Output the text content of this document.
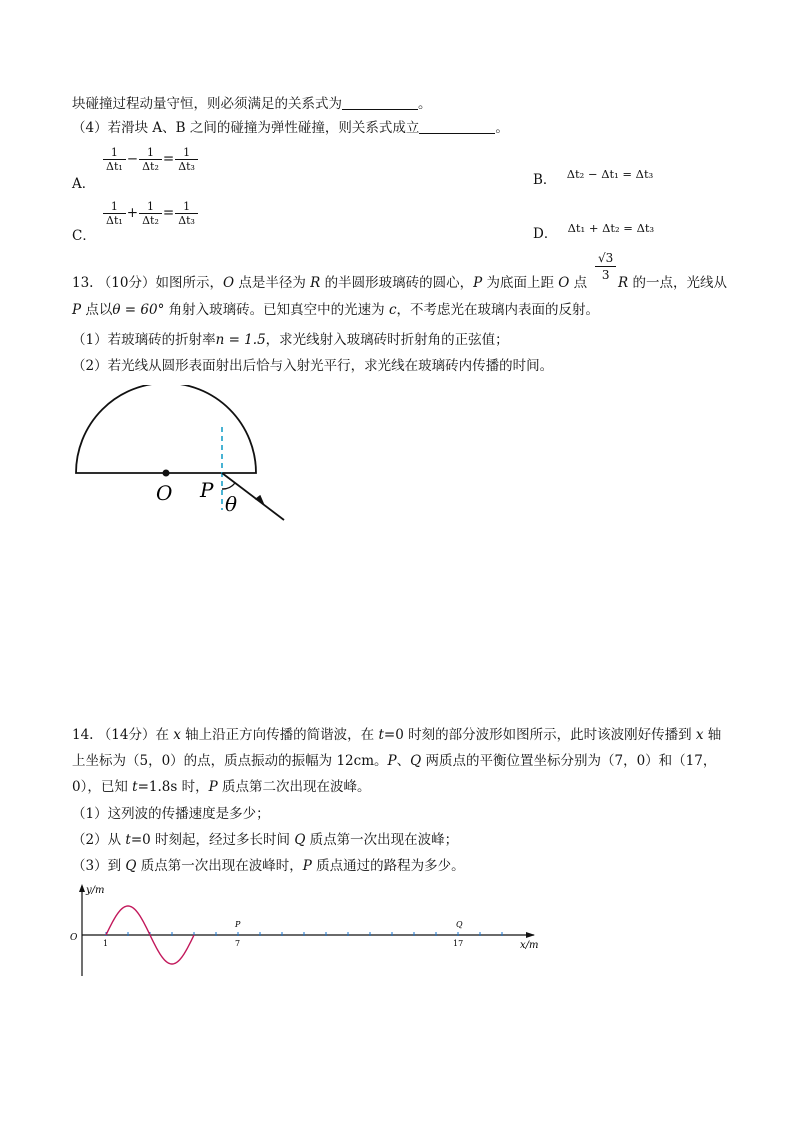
块碰撞过程动量守恒，则必须满足的关系式为	。
（4）若滑块 A、B 之间的碰撞为弹性碰撞，则关系式成立	。
A．
$\frac{1}{\text{Δt₁}} - \frac{1}{\text{Δt₂}} = \frac{1}{\text{Δt₃}}$
B． Δt₂ − Δt₁ = Δt₃
C．
$\frac{1}{\text{Δt₁}} + \frac{1}{\text{Δt₂}} = \frac{1}{\text{Δt₃}}$
D． Δt₁ + Δt₂ = Δt₃
13. （10分）如图所示，O 点是半径为 R 的半圆形玻璃砖的圆心，P 为底面上距 O 点 $\frac{√3}{3}$ R 的一点，光线从
P 点以θ = 60° 角射入玻璃砖。已知真空中的光速为 c，不考虑光在玻璃内表面的反射。
（1）若玻璃砖的折射率n = 1.5，求光线射入玻璃砖时折射角的正弦值；
（2）若光线从圆形表面射出后恰与入射光平行，求光线在玻璃砖内传播的时间。
O P
θ
14. （14分）在 x 轴上沿正方向传播的简谐波，在 t=0 时刻的部分波形如图所示，此时该波刚好传播到 x 轴
上坐标为（5，0）的点，质点振动的振幅为 12cm。P、Q 两质点的平衡位置坐标分别为（7，0）和（17，
0），已知 t=1.8s 时，P 质点第二次出现在波峰。
（1）这列波的传播速度是多少；
（2）从 t=0 时刻起，经过多长时间 Q 质点第一次出现在波峰；
（3）到 Q 质点第一次出现在波峰时，P 质点通过的路程为多少。
y/m
x/m
O
1	7	17
P	Q
